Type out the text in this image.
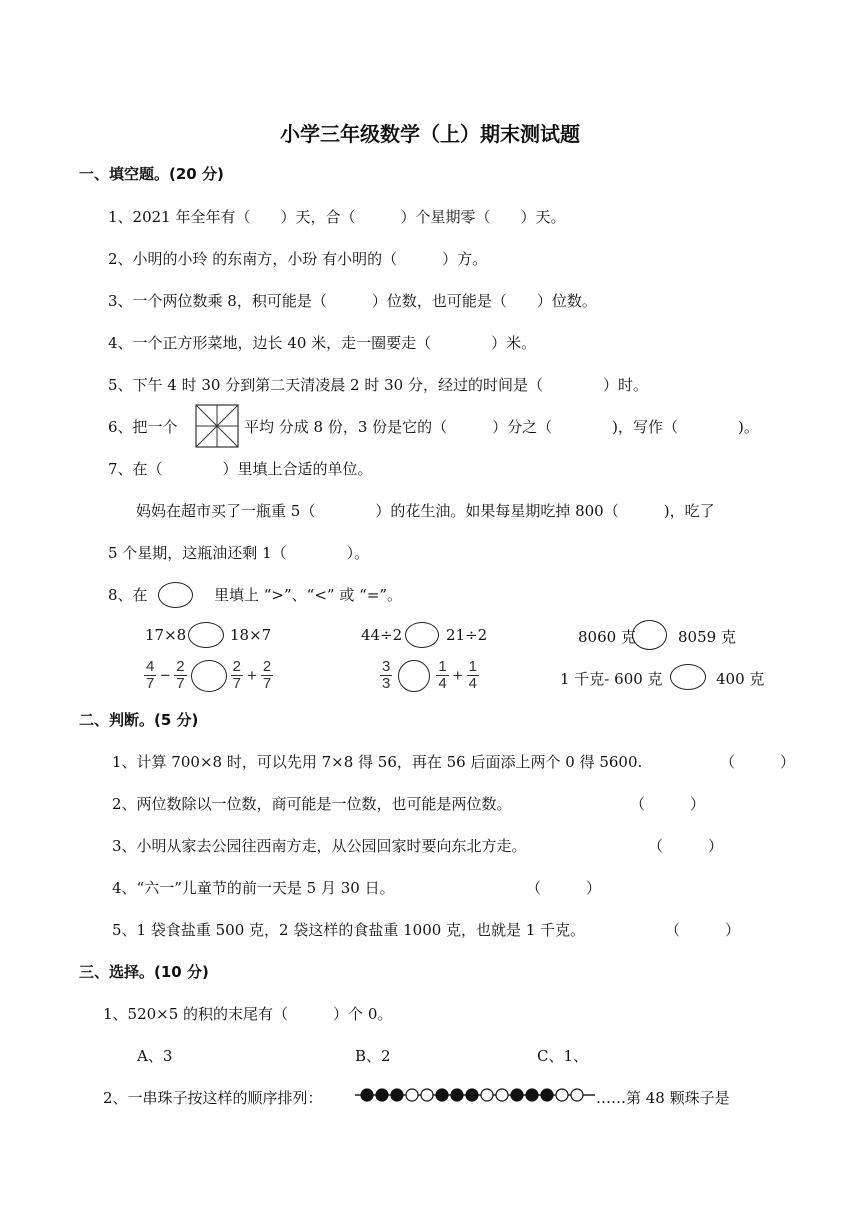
小学三年级数学（上）期末测试题
一、填空题。(20 分)
1、2021 年全年有（　　）天，合（　　　）个星期零（　　）天。
2、小明的小玲 的东南方，小玢 有小明的（　　　）方。
3、一个两位数乘 8，积可能是（　　　）位数，也可能是（　　）位数。
4、一个正方形菜地，边长 40 米，走一圈要走（　　　　）米。
5、下午 4 时 30 分到第二天清凌晨 2 时 30 分，经过的时间是（　　　　）时。
6、把一个	平均 分成 8 份，3 份是它的（　　　）分之（　　　　)，写作（　　　　)。
7、在（　　　　）里填上合适的单位。
妈妈在超市买了一瓶重 5（　　　　）的花生油。如果每星期吃掉 800（　　　)，吃了
5 个星期，这瓶油还剩 1（　　　　）。
8、在	里填上 “>”、“<” 或 “=”。
17×8	18×7	44÷2	21÷2	8060 克	8059 克
$\frac{4}{7} - \frac{2}{7}$	$\frac{2}{7} + \frac{2}{7}$	$\frac{3}{3}$	$\frac{1}{4} + \frac{1}{4}$	1 千克- 600 克	400 克
二、判断。(5 分)
1、计算 700×8 时，可以先用 7×8 得 56，再在 56 后面添上两个 0 得 5600.	（　　　）
2、两位数除以一位数，商可能是一位数，也可能是两位数。	（　　　）
3、小明从家去公园往西南方走，从公园回家时要向东北方走。	（　　　）
4、“六一”儿童节的前一天是 5 月 30 日。	（　　　）
5、1 袋食盐重 500 克，2 袋这样的食盐重 1000 克，也就是 1 千克。	（　　　）
三、选择。(10 分)
1、520×5 的积的末尾有（　　　）个 0。
A、3	B、2	C、1、
2、一串珠子按这样的顺序排列：	……第 48 颗珠子是
